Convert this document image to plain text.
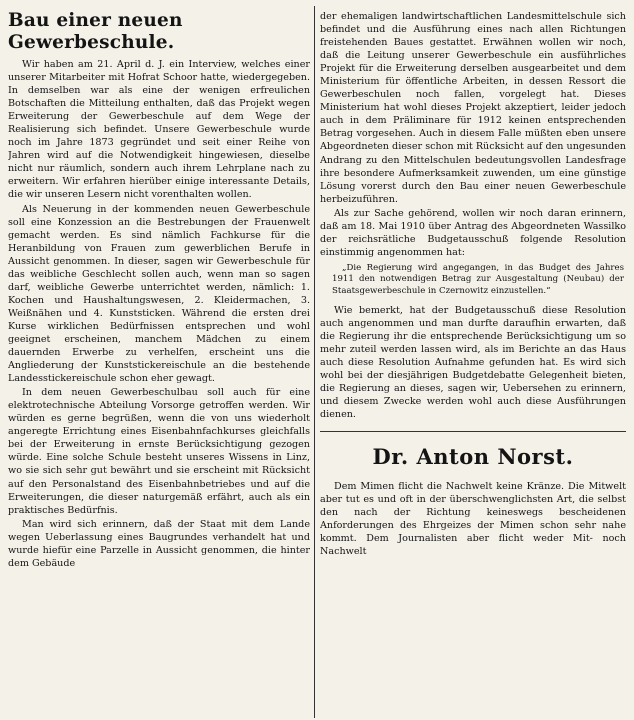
Bau einer neuen Gewerbeschule.

Wir haben am 21. April d. J. ein Interview, welches einer unserer Mitarbeiter mit Hofrat Schoor hatte, wiedergegeben. In demselben war als eine der wenigen erfreulichen Botschaften die Mitteilung enthalten, daß das Projekt wegen Erweiterung der Gewerbeschule auf dem Wege der Realisierung sich befindet. Unsere Gewerbeschule wurde noch im Jahre 1873 gegründet und seit einer Reihe von Jahren wird auf die Notwendigkeit hingewiesen, dieselbe nicht nur räumlich, sondern auch ihrem Lehrplane nach zu erweitern. Wir erfahren hierüber einige interessante Details, die wir unseren Lesern nicht vorenthalten wollen.

Als Neuerung in der kommenden neuen Gewerbeschule soll eine Konzession an die Bestrebungen der Frauenwelt gemacht werden. Es sind nämlich Fachkurse für die Heranbildung von Frauen zum gewerblichen Berufe in Aussicht genommen. In dieser, sagen wir Gewerbeschule für das weibliche Geschlecht sollen auch, wenn man so sagen darf, weibliche Gewerbe unterrichtet werden, nämlich: 1. Kochen und Haushaltungswesen, 2. Kleidermachen, 3. Weißnähen und 4. Kunststicken. Während die ersten drei Kurse wirklichen Bedürfnissen entsprechen und wohl geeignet erscheinen, manchem Mädchen zu einem dauernden Erwerbe zu verhelfen, erscheint uns die Angliederung der Kunststickereischule an die bestehende Landesstickereischule schon eher gewagt.

In dem neuen Gewerbeschulbau soll auch für eine elektrotechnische Abteilung Vorsorge getroffen werden. Wir würden es gerne begrüßen, wenn die von uns wiederholt angeregte Errichtung eines Eisenbahnfachkurses gleichfalls bei der Erweiterung in ernste Berücksichtigung gezogen würde. Eine solche Schule besteht unseres Wissens in Linz, wo sie sich sehr gut bewährt und sie erscheint mit Rücksicht auf den Personalstand des Eisenbahnbetriebes und auf die Erweiterungen, die dieser naturgemäß erfährt, auch als ein praktisches Bedürfnis.

Man wird sich erinnern, daß der Staat mit dem Lande wegen Ueberlassung eines Baugrundes verhandelt hat und wurde hiefür eine Parzelle in Aussicht genommen, die hinter dem Gebäude

der ehemaligen landwirtschaftlichen Landesmittelschule sich befindet und die Ausführung eines nach allen Richtungen freistehenden Baues gestattet. Erwähnen wollen wir noch, daß die Leitung unserer Gewerbeschule ein ausführliches Projekt für die Erweiterung derselben ausgearbeitet und dem Ministerium für öffentliche Arbeiten, in dessen Ressort die Gewerbeschulen noch fallen, vorgelegt hat. Dieses Ministerium hat wohl dieses Projekt akzeptiert, leider jedoch auch in dem Präliminare für 1912 keinen entsprechenden Betrag vorgesehen. Auch in diesem Falle müßten eben unsere Abgeordneten dieser schon mit Rücksicht auf den ungesunden Andrang zu den Mittelschulen bedeutungsvollen Landesfrage ihre besondere Aufmerksamkeit zuwenden, um eine günstige Lösung vorerst durch den Bau einer neuen Gewerbeschule herbeizuführen.

Als zur Sache gehörend, wollen wir noch daran erinnern, daß am 18. Mai 1910 über Antrag des Abgeordneten Wassilko der reichsrätliche Budgetausschuß folgende Resolution einstimmig angenommen hat:

„Die Regierung wird angegangen, in das Budget des Jahres 1911 den notwendigen Betrag zur Ausgestaltung (Neubau) der Staatsgewerbeschule in Czernowitz einzustellen.“

Wie bemerkt, hat der Budgetausschuß diese Resolution auch angenommen und man durfte daraufhin erwarten, daß die Regierung ihr die entsprechende Berücksichtigung um so mehr zuteil werden lassen wird, als im Berichte an das Haus auch diese Resolution Aufnahme gefunden hat. Es wird sich wohl bei der diesjährigen Budgetdebatte Gelegenheit bieten, die Regierung an dieses, sagen wir, Uebersehen zu erinnern, und diesem Zwecke werden wohl auch diese Ausführungen dienen.

Dr. Anton Norst.

Dem Mimen flicht die Nachwelt keine Kränze. Die Mitwelt aber tut es und oft in der überschwenglichsten Art, die selbst den nach der Richtung keineswegs bescheidenen Anforderungen des Ehrgeizes der Mimen schon sehr nahe kommt. Dem Journalisten aber flicht weder Mit- noch Nachwelt
